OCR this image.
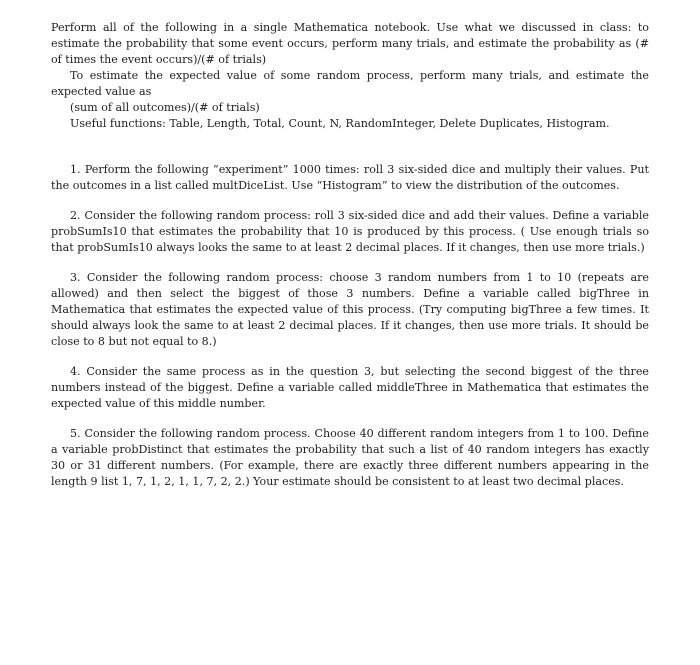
Perform all of the following in a single Mathematica notebook. Use what we discussed in class: to estimate the probability that some event occurs, perform many trials, and estimate the probability as (# of times the event occurs)/(# of trials)

To estimate the expected value of some random process, perform many trials, and estimate the expected value as

(sum of all outcomes)/(# of trials)

Useful functions: Table, Length, Total, Count, N, RandomInteger, Delete Duplicates, Histogram.

1. Perform the following “experiment” 1000 times: roll 3 six-sided dice and multiply their values. Put the outcomes in a list called multDiceList. Use “Histogram” to view the distribution of the outcomes.

2. Consider the following random process: roll 3 six-sided dice and add their values. Define a variable probSumIs10 that estimates the probability that 10 is produced by this process. ( Use enough trials so that probSumIs10 always looks the same to at least 2 decimal places. If it changes, then use more trials.)

3. Consider the following random process: choose 3 random numbers from 1 to 10 (repeats are allowed) and then select the biggest of those 3 numbers. Define a variable called bigThree in Mathematica that estimates the expected value of this process. (Try computing bigThree a few times. It should always look the same to at least 2 decimal places. If it changes, then use more trials. It should be close to 8 but not equal to 8.)

4. Consider the same process as in the question 3, but selecting the second biggest of the three numbers instead of the biggest. Define a variable called middleThree in Mathematica that estimates the expected value of this middle number.

5. Consider the following random process. Choose 40 different random integers from 1 to 100. Define a variable probDistinct that estimates the probability that such a list of 40 random integers has exactly 30 or 31 different numbers. (For example, there are exactly three different numbers appearing in the length 9 list 1, 7, 1, 2, 1, 1, 7, 2, 2.) Your estimate should be consistent to at least two decimal places.
